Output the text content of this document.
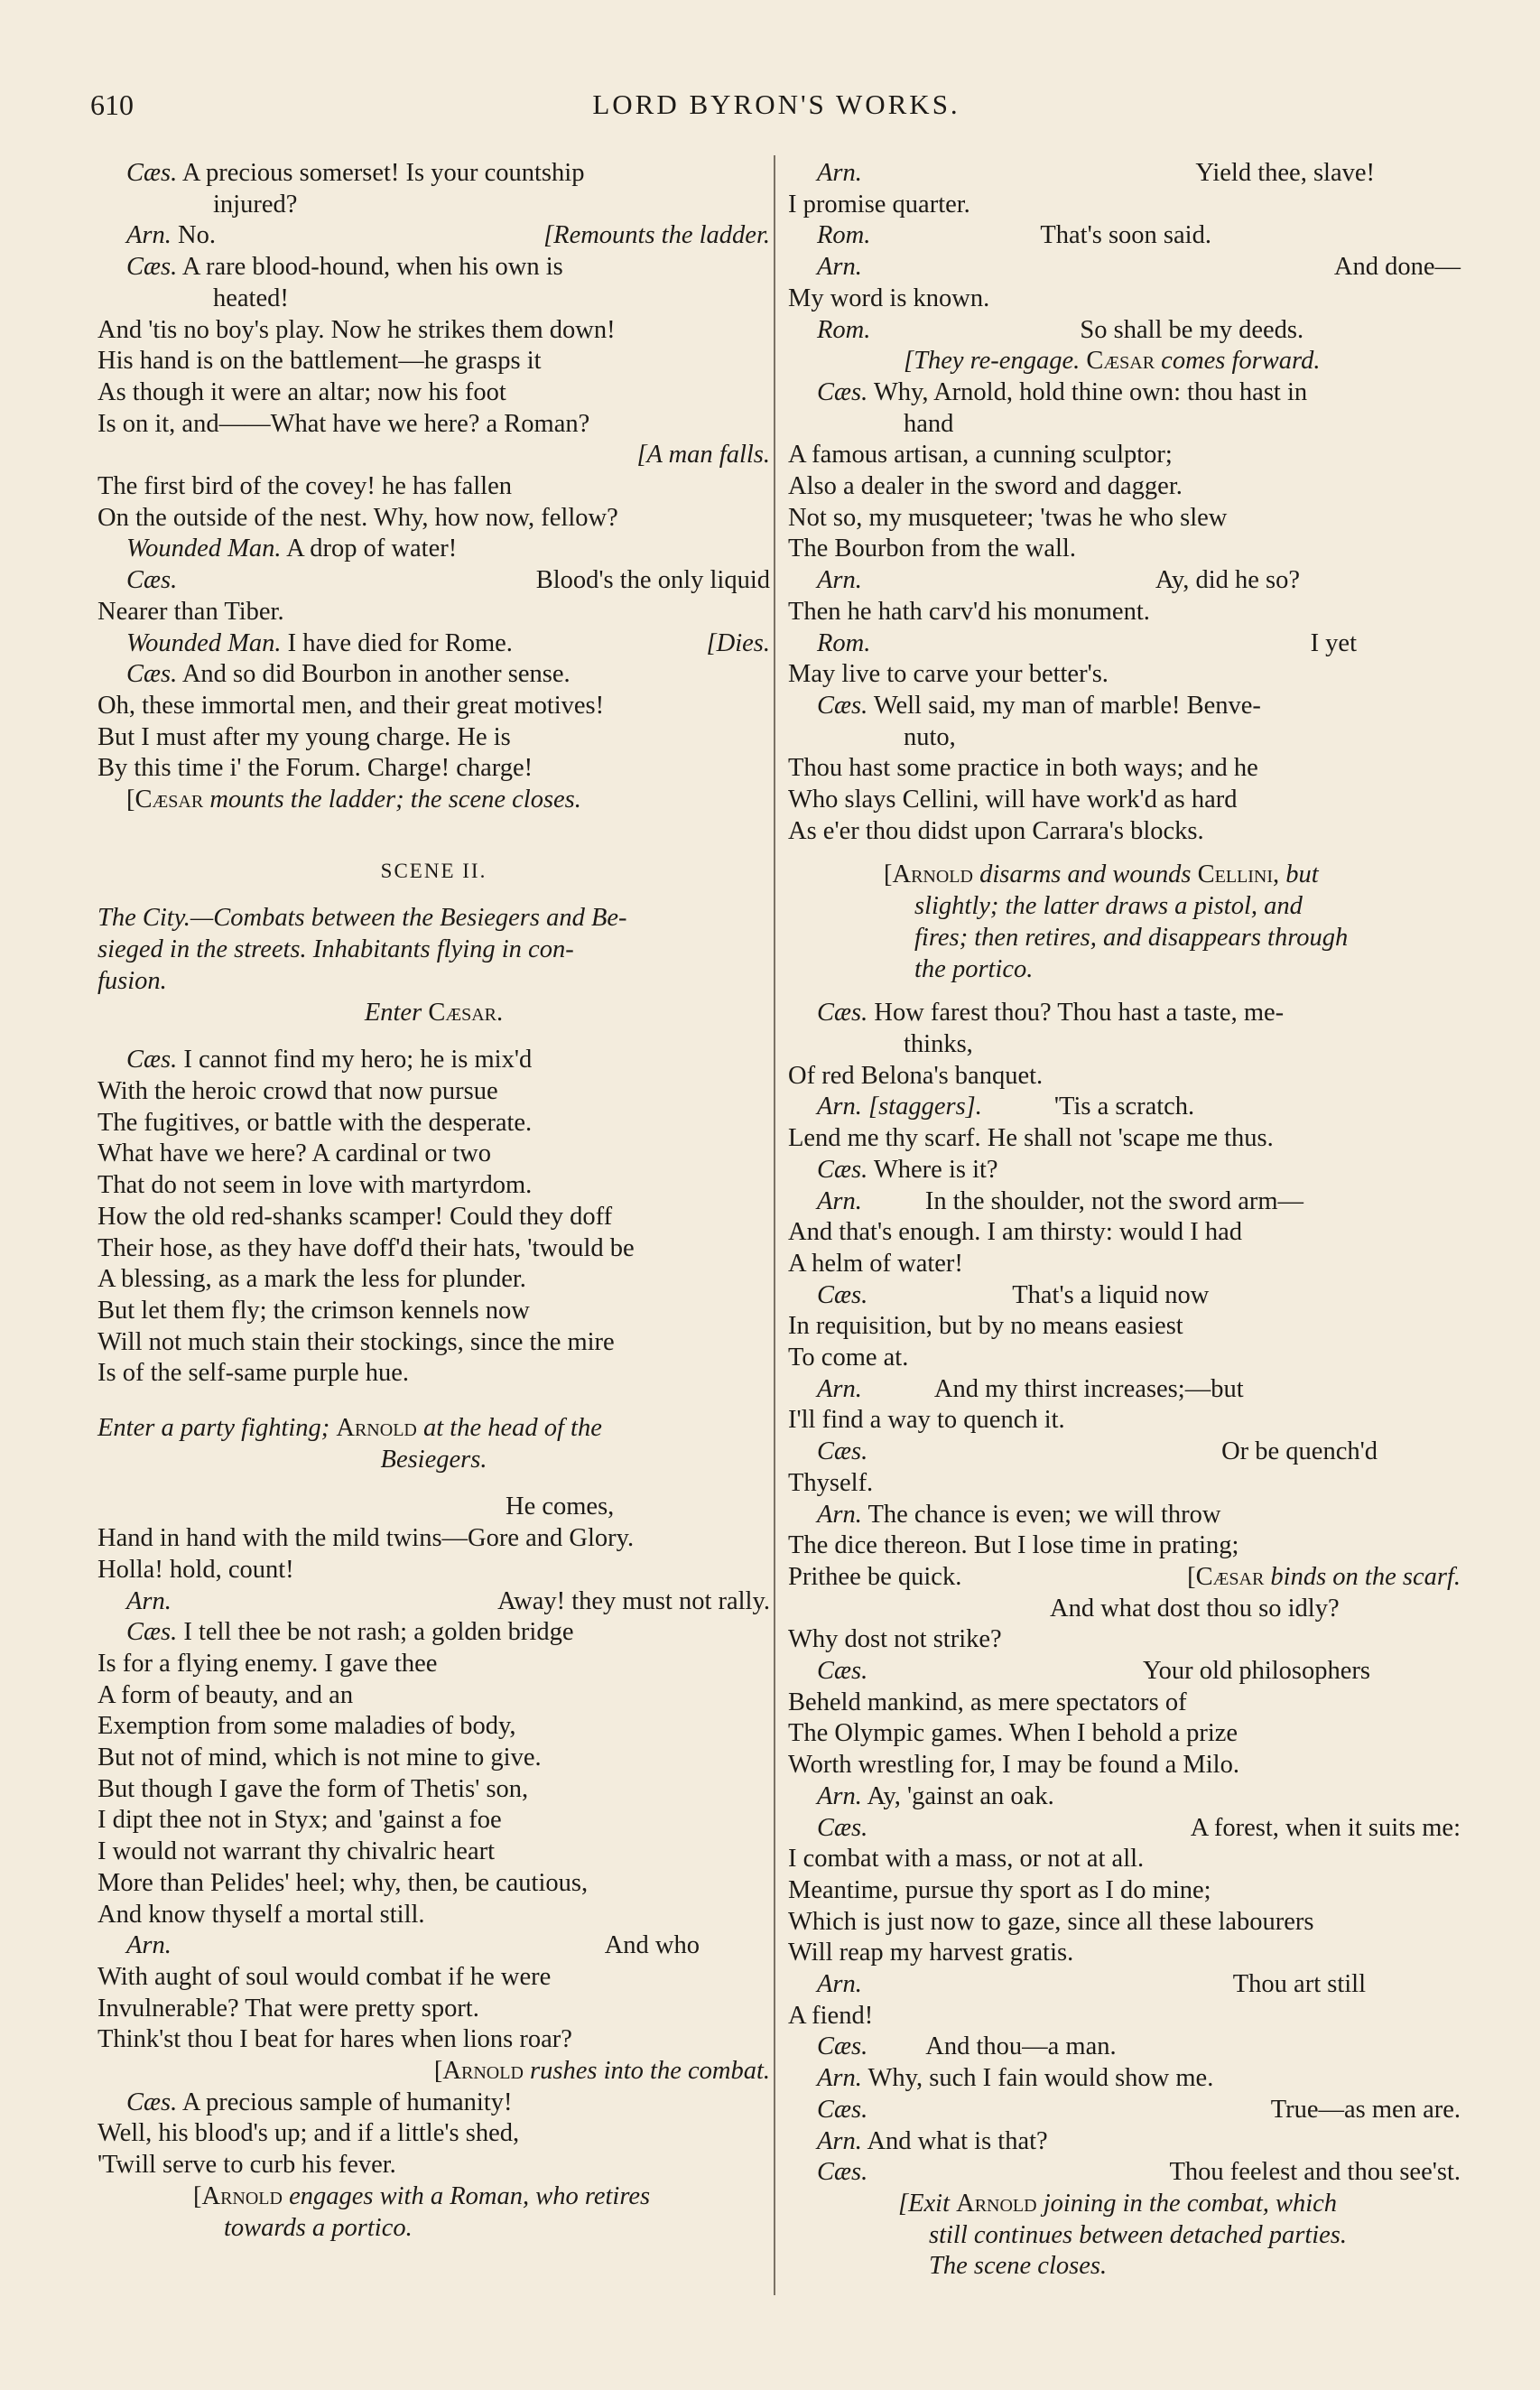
610	LORD BYRON'S WORKS.
Cæs. A precious somerset! Is your countship
injured?
Arn. No.	[Remounts the ladder.
Cæs. A rare blood-hound, when his own is
heated!
And 'tis no boy's play. Now he strikes them down!
His hand is on the battlement—he grasps it
As though it were an altar; now his foot
Is on it, and——What have we here? a Roman?
[A man falls.
The first bird of the covey! he has fallen
On the outside of the nest. Why, how now, fellow?
Wounded Man. A drop of water!
Cæs.	Blood's the only liquid
Nearer than Tiber.
Wounded Man. I have died for Rome.	[Dies.
Cæs. And so did Bourbon in another sense.
Oh, these immortal men, and their great motives!
But I must after my young charge. He is
By this time i' the Forum. Charge! charge!
[Cæsar mounts the ladder; the scene closes.
SCENE II.
The City.—Combats between the Besiegers and Be-
sieged in the streets. Inhabitants flying in con-
fusion.
Enter Cæsar.
Cæs. I cannot find my hero; he is mix'd
With the heroic crowd that now pursue
The fugitives, or battle with the desperate.
What have we here? A cardinal or two
That do not seem in love with martyrdom.
How the old red-shanks scamper! Could they doff
Their hose, as they have doff'd their hats, 'twould be
A blessing, as a mark the less for plunder.
But let them fly; the crimson kennels now
Will not much stain their stockings, since the mire
Is of the self-same purple hue.
Enter a party fighting; Arnold at the head of the
Besiegers.
He comes,
Hand in hand with the mild twins—Gore and Glory.
Holla! hold, count!
Arn.	Away! they must not rally.
Cæs. I tell thee be not rash; a golden bridge
Is for a flying enemy. I gave thee
A form of beauty, and an
Exemption from some maladies of body,
But not of mind, which is not mine to give.
But though I gave the form of Thetis' son,
I dipt thee not in Styx; and 'gainst a foe
I would not warrant thy chivalric heart
More than Pelides' heel; why, then, be cautious,
And know thyself a mortal still.
Arn.	And who
With aught of soul would combat if he were
Invulnerable? That were pretty sport.
Think'st thou I beat for hares when lions roar?
[Arnold rushes into the combat.
Cæs. A precious sample of humanity!
Well, his blood's up; and if a little's shed,
'Twill serve to curb his fever.
[Arnold engages with a Roman, who retires
towards a portico.
Arn.	Yield thee, slave!
I promise quarter.
Rom.	That's soon said.
Arn.	And done—
My word is known.
Rom.	So shall be my deeds.
[They re-engage. Cæsar comes forward.
Cæs. Why, Arnold, hold thine own: thou hast in
hand
A famous artisan, a cunning sculptor;
Also a dealer in the sword and dagger.
Not so, my musqueteer; 'twas he who slew
The Bourbon from the wall.
Arn.	Ay, did he so?
Then he hath carv'd his monument.
Rom.	I yet
May live to carve your better's.
Cæs. Well said, my man of marble! Benve-
nuto,
Thou hast some practice in both ways; and he
Who slays Cellini, will have work'd as hard
As e'er thou didst upon Carrara's blocks.
[Arnold disarms and wounds Cellini, but
slightly; the latter draws a pistol, and
fires; then retires, and disappears through
the portico.
Cæs. How farest thou? Thou hast a taste, me-
thinks,
Of red Belona's banquet.
Arn. [staggers].	'Tis a scratch.
Lend me thy scarf. He shall not 'scape me thus.
Cæs. Where is it?
Arn. In the shoulder, not the sword arm—
And that's enough. I am thirsty: would I had
A helm of water!
Cæs.	That's a liquid now
In requisition, but by no means easiest
To come at.
Arn.	And my thirst increases;—but
I'll find a way to quench it.
Cæs.	Or be quench'd
Thyself.
Arn. The chance is even; we will throw
The dice thereon. But I lose time in prating;
Prithee be quick.	[Cæsar binds on the scarf.
And what dost thou so idly?
Why dost not strike?
Cæs.	Your old philosophers
Beheld mankind, as mere spectators of
The Olympic games. When I behold a prize
Worth wrestling for, I may be found a Milo.
Arn. Ay, 'gainst an oak.
Cæs.	A forest, when it suits me:
I combat with a mass, or not at all.
Meantime, pursue thy sport as I do mine;
Which is just now to gaze, since all these labourers
Will reap my harvest gratis.
Arn.	Thou art still
A fiend!
Cæs. And thou—a man.
Arn. Why, such I fain would show me.
Cæs.	True—as men are.
Arn. And what is that?
Cæs.	Thou feelest and thou see'st.
[Exit Arnold joining in the combat, which
still continues between detached parties.
The scene closes.
